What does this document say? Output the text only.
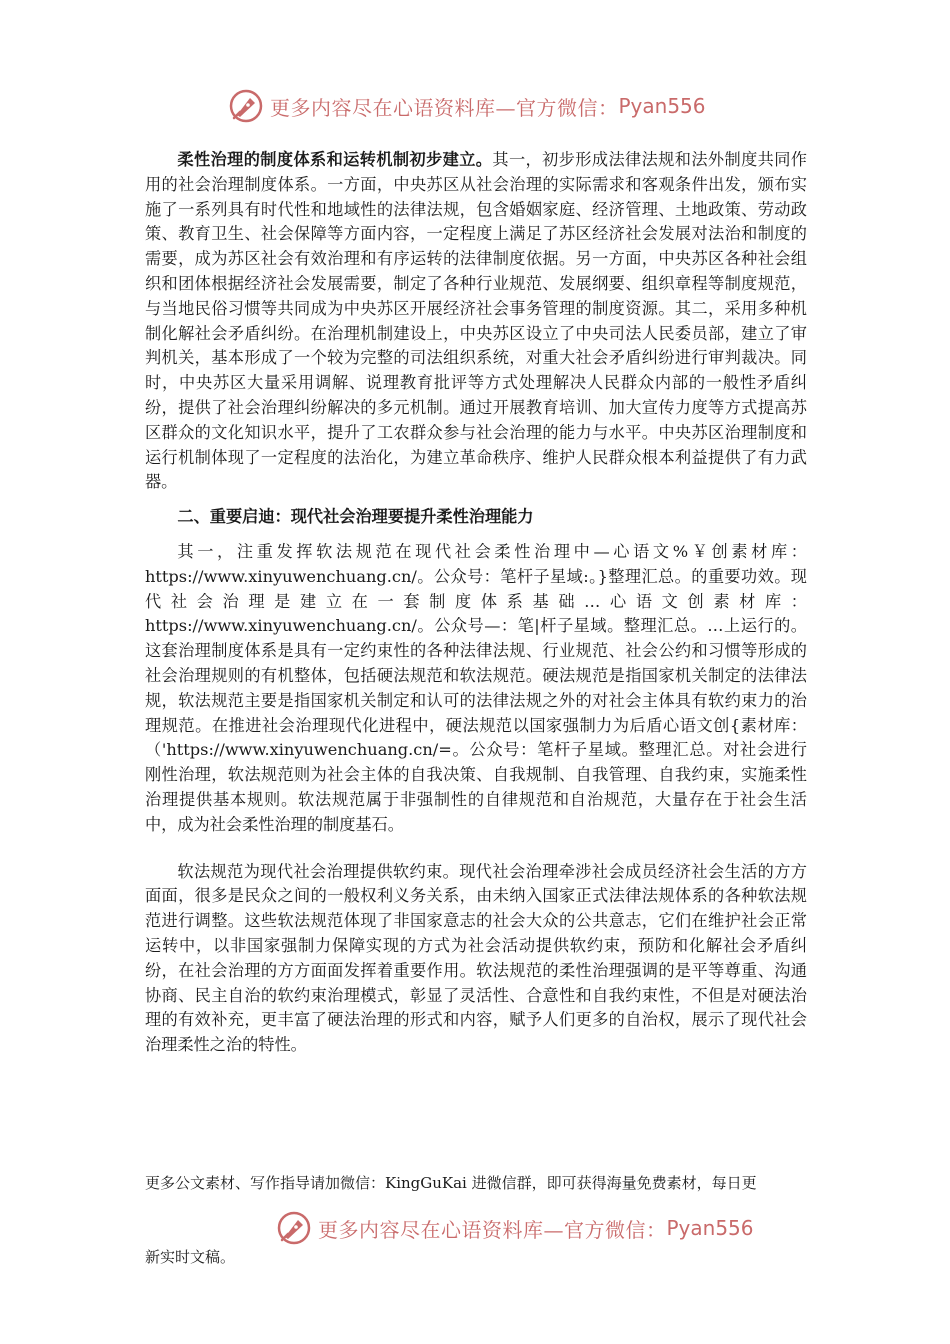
更多内容尽在心语资料库—官方微信： Pyan556

柔性治理的制度体系和运转机制初步建立。其一，初步形成法律法规和法外制度共同作用的社会治理制度体系。一方面，中央苏区从社会治理的实际需求和客观条件出发，颁布实施了一系列具有时代性和地域性的法律法规，包含婚姻家庭、经济管理、土地政策、劳动政策、教育卫生、社会保障等方面内容，一定程度上满足了苏区经济社会发展对法治和制度的需要，成为苏区社会有效治理和有序运转的法律制度依据。另一方面，中央苏区各种社会组织和团体根据经济社会发展需要，制定了各种行业规范、发展纲要、组织章程等制度规范，与当地民俗习惯等共同成为中央苏区开展经济社会事务管理的制度资源。其二，采用多种机制化解社会矛盾纠纷。在治理机制建设上，中央苏区设立了中央司法人民委员部，建立了审判机关，基本形成了一个较为完整的司法组织系统，对重大社会矛盾纠纷进行审判裁决。同时，中央苏区大量采用调解、说理教育批评等方式处理解决人民群众内部的一般性矛盾纠纷，提供了社会治理纠纷解决的多元机制。通过开展教育培训、加大宣传力度等方式提高苏区群众的文化知识水平，提升了工农群众参与社会治理的能力与水平。中央苏区治理制度和运行机制体现了一定程度的法治化，为建立革命秩序、维护人民群众根本利益提供了有力武器。

二、重要启迪：现代社会治理要提升柔性治理能力

其一，注重发挥软法规范在现代社会柔性治理中—心语文%￥创素材库：https://www.xinyuwenchuang.cn/。公众号：笔杆子星域:。}整理汇总。的重要功效。现代社会治理是建立在一套制度体系基础…心语文创素材库：https://www.xinyuwenchuang.cn/。公众号—：笔|杆子星域。整理汇总。…上运行的。这套治理制度体系是具有一定约束性的各种法律法规、行业规范、社会公约和习惯等形成的社会治理规则的有机整体，包括硬法规范和软法规范。硬法规范是指国家机关制定的法律法规，软法规范主要是指国家机关制定和认可的法律法规之外的对社会主体具有软约束力的治理规范。在推进社会治理现代化进程中，硬法规范以国家强制力为后盾心语文创{素材库：（'https://www.xinyuwenchuang.cn/=。公众号：笔杆子星域。整理汇总。对社会进行刚性治理，软法规范则为社会主体的自我决策、自我规制、自我管理、自我约束，实施柔性治理提供基本规则。软法规范属于非强制性的自律规范和自治规范，大量存在于社会生活中，成为社会柔性治理的制度基石。

软法规范为现代社会治理提供软约束。现代社会治理牵涉社会成员经济社会生活的方方面面，很多是民众之间的一般权利义务关系，由未纳入国家正式法律法规体系的各种软法规范进行调整。这些软法规范体现了非国家意志的社会大众的公共意志，它们在维护社会正常运转中，以非国家强制力保障实现的方式为社会活动提供软约束，预防和化解社会矛盾纠纷，在社会治理的方方面面发挥着重要作用。软法规范的柔性治理强调的是平等尊重、沟通协商、民主自治的软约束治理模式，彰显了灵活性、合意性和自我约束性，不但是对硬法治理的有效补充，更丰富了硬法治理的形式和内容，赋予人们更多的自治权，展示了现代社会治理柔性之治的特性。

更多公文素材、写作指导请加微信：KingGuKai 进微信群，即可获得海量免费素材，每日更
更多内容尽在心语资料库—官方微信： Pyan556
新实时文稿。
